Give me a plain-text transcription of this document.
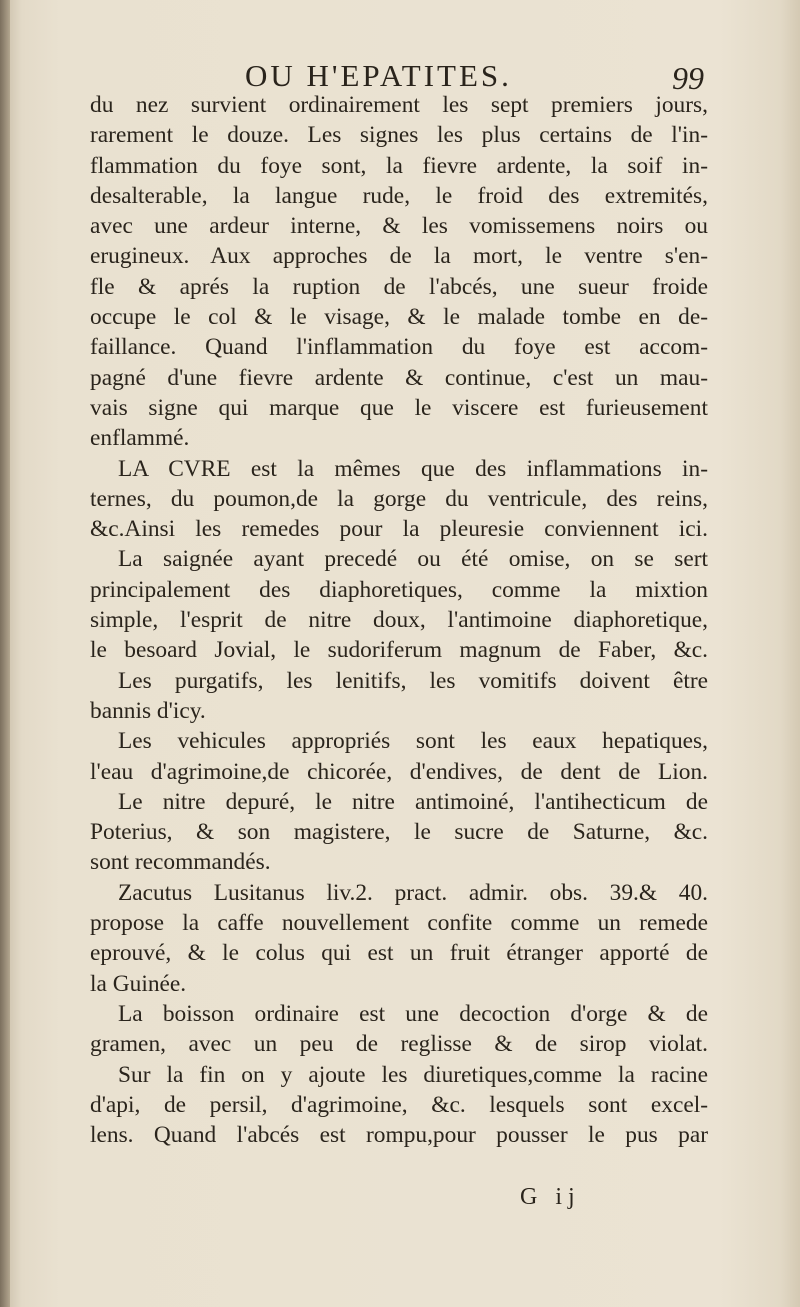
OU H'EPATITES.	99
du nez survient ordinairement les sept premiers jours,
rarement le douze. Les signes les plus certains de l'in-
flammation du foye sont, la fievre ardente, la soif in-
desalterable, la langue rude, le froid des extremités,
avec une ardeur interne, & les vomissemens noirs ou
erugineux. Aux approches de la mort, le ventre s'en-
fle & aprés la ruption de l'abcés, une sueur froide
occupe le col & le visage, & le malade tombe en de-
faillance. Quand l'inflammation du foye est accom-
pagné d'une fievre ardente & continue, c'est un mau-
vais signe qui marque que le viscere est furieusement
enflammé.
LA CVRE est la mêmes que des inflammations in-
ternes, du poumon,de la gorge du ventricule, des reins,
&c.Ainsi les remedes pour la pleuresie conviennent ici.
La saignée ayant precedé ou été omise, on se sert
principalement des diaphoretiques, comme la mixtion
simple, l'esprit de nitre doux, l'antimoine diaphoretique,
le besoard Jovial, le sudoriferum magnum de Faber, &c.
Les purgatifs, les lenitifs, les vomitifs doivent être
bannis d'icy.
Les vehicules appropriés sont les eaux hepatiques,
l'eau d'agrimoine,de chicorée, d'endives, de dent de Lion.
Le nitre depuré, le nitre antimoiné, l'antihecticum de
Poterius, & son magistere, le sucre de Saturne, &c.
sont recommandés.
Zacutus Lusitanus liv.2. pract. admir. obs. 39.& 40.
propose la caffe nouvellement confite comme un remede
eprouvé, & le colus qui est un fruit étranger apporté de
la Guinée.
La boisson ordinaire est une decoction d'orge & de
gramen, avec un peu de reglisse & de sirop violat.
Sur la fin on y ajoute les diuretiques,comme la racine
d'api, de persil, d'agrimoine, &c. lesquels sont excel-
lens. Quand l'abcés est rompu,pour pousser le pus par
G ij
